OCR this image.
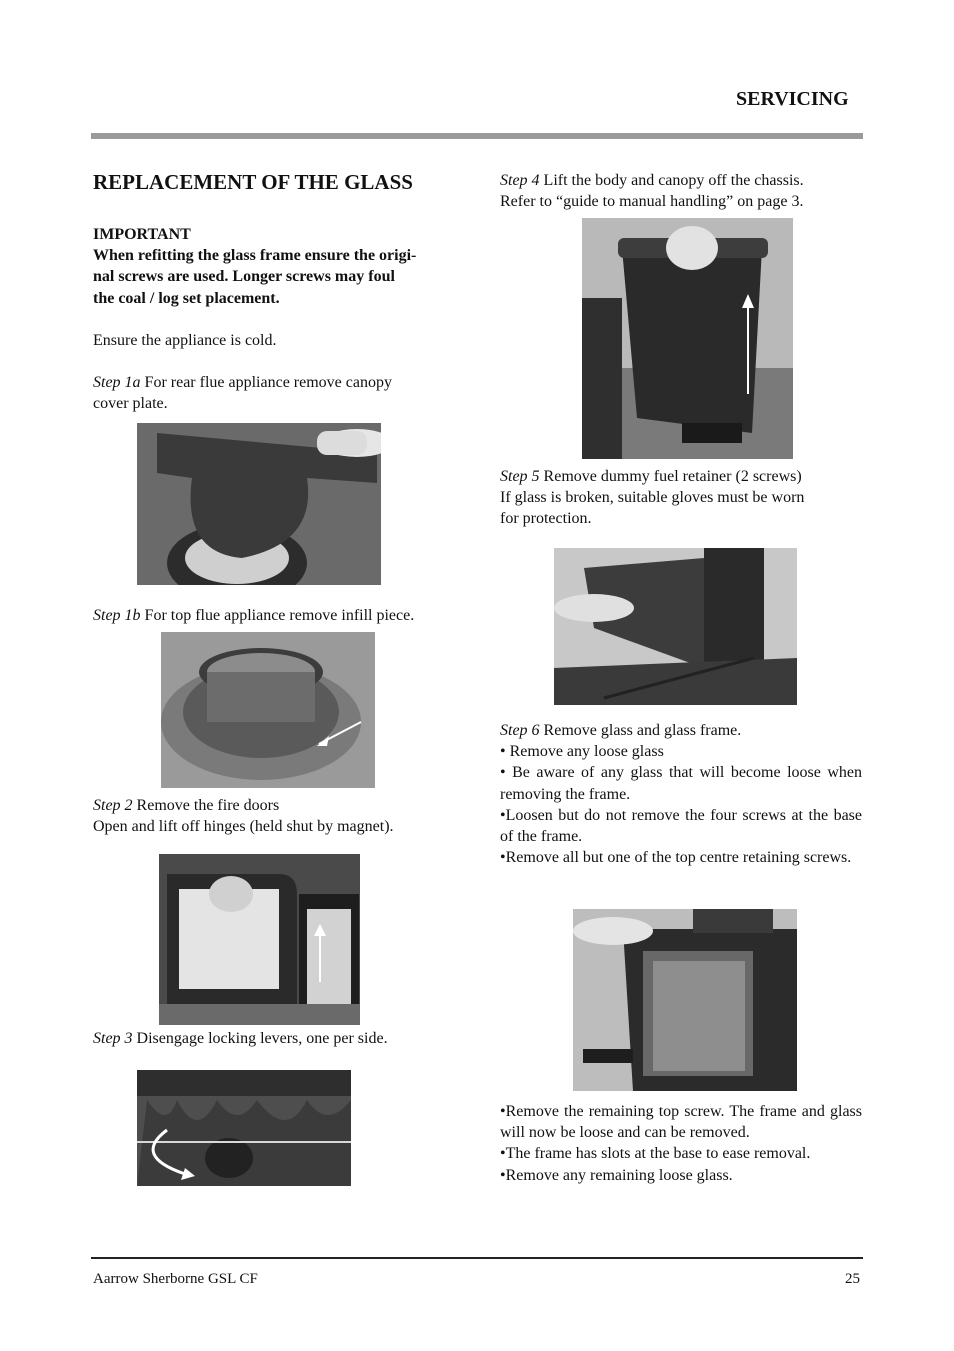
SERVICING
REPLACEMENT OF THE GLASS
IMPORTANT
When refitting the glass frame ensure the origi-
nal screws are used. Longer screws may foul
the coal / log set placement.
Ensure the appliance is cold.
Step 1a For rear flue appliance remove canopy
cover plate.
Step 1b For top flue appliance remove infill piece.
Step 2 Remove the fire doors
Open and lift off hinges (held shut by magnet).
Step 3 Disengage locking levers, one per side.
Step 4 Lift the body and canopy off the chassis.
Refer to “guide to manual handling” on page 3.
Step 5 Remove dummy fuel retainer (2 screws)
If glass is broken, suitable gloves must be worn
for protection.
Step 6 Remove glass and glass frame.
• Remove any loose glass
• Be aware of any glass that will become loose when removing the frame.
•Loosen but do not remove the four screws at the base of the frame.
•Remove all but one of the top centre retaining screws.
•Remove the remaining top screw. The frame and glass will now be loose and can be removed.
•The frame has slots at the base to ease removal.
•Remove any remaining loose glass.
Aarrow Sherborne GSL CF	25
